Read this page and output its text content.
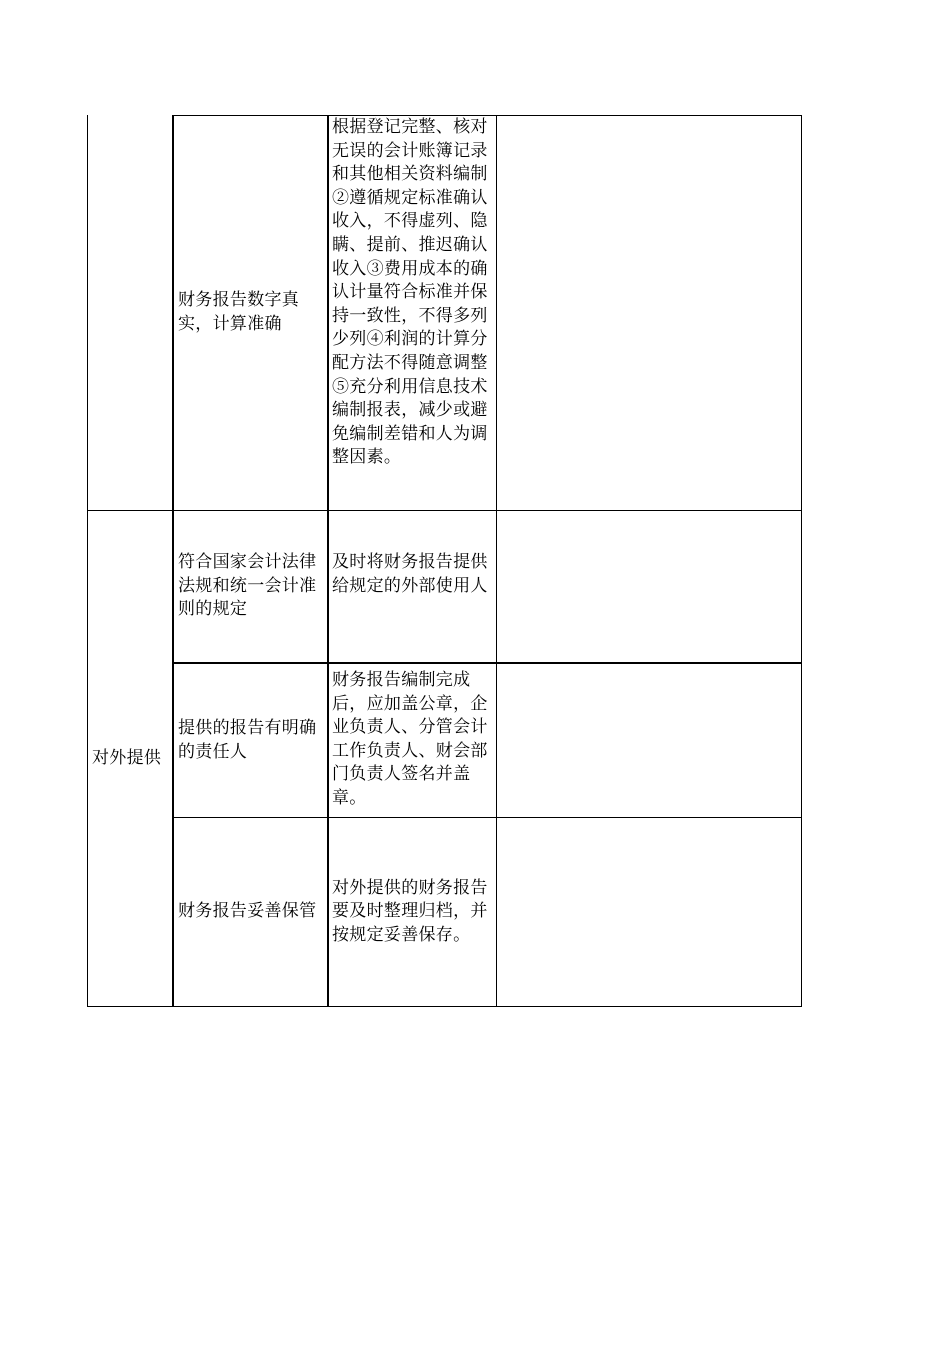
对外提供
财务报告数字真实，计算准确
根据登记完整、核对无误的会计账簿记录和其他相关资料编制②遵循规定标准确认收入，不得虚列、隐瞒、提前、推迟确认收入③费用成本的确认计量符合标准并保持一致性，不得多列少列④利润的计算分配方法不得随意调整⑤充分利用信息技术编制报表，减少或避免编制差错和人为调整因素。
符合国家会计法律法规和统一会计准则的规定
及时将财务报告提供给规定的外部使用人
提供的报告有明确的责任人
财务报告编制完成后，应加盖公章，企业负责人、分管会计工作负责人、财会部门负责人签名并盖章。
财务报告妥善保管
对外提供的财务报告要及时整理归档，并按规定妥善保存。
